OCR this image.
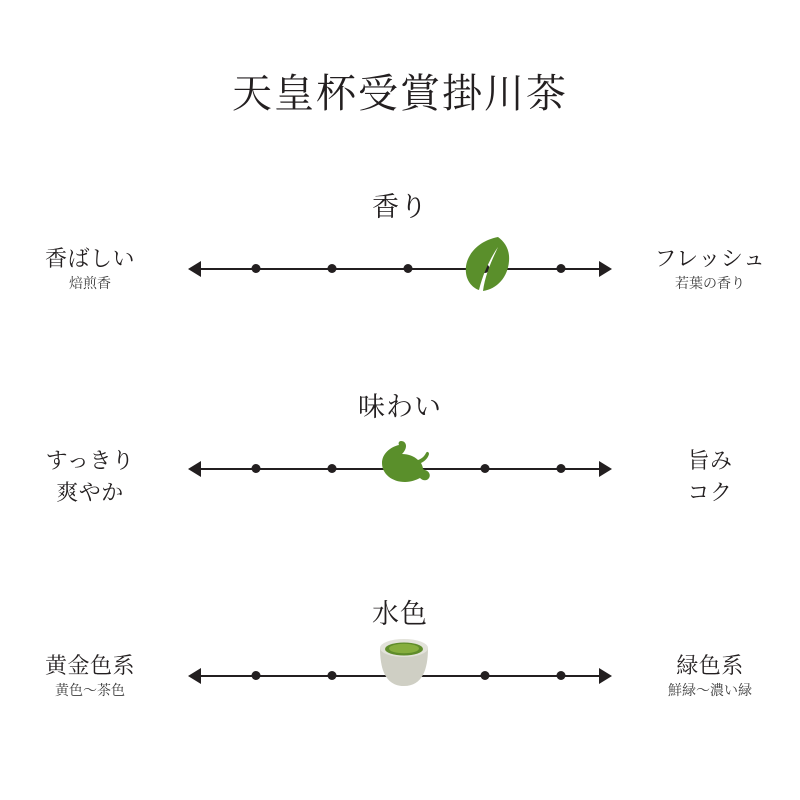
天皇杯受賞掛川茶
香り
香ばしい
焙煎香
フレッシュ
若葉の香り
味わい
すっきり
爽やか
旨み
コク
水色
黄金色系
黄色〜茶色
緑色系
鮮緑〜濃い緑
